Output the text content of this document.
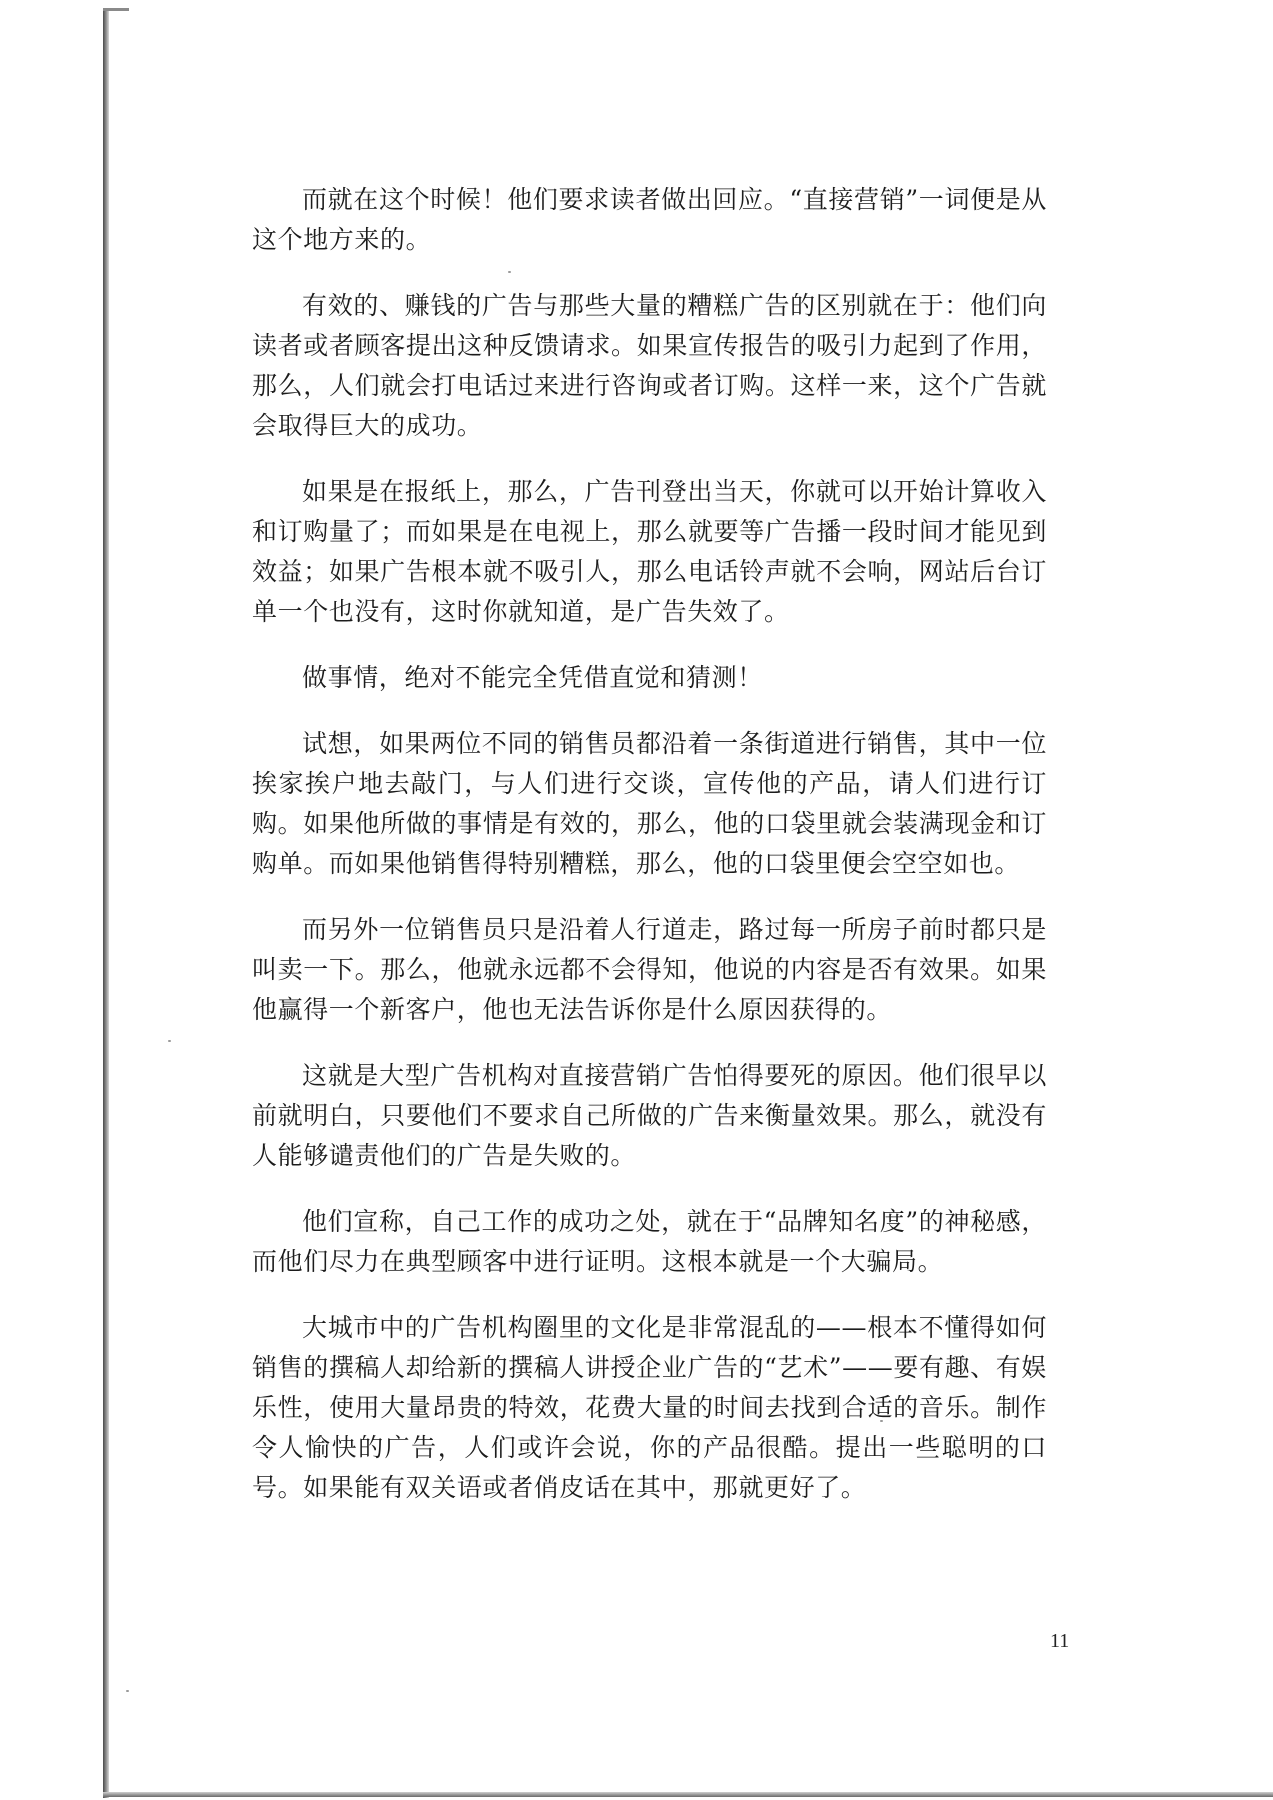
而就在这个时候！他们要求读者做出回应。“直接营销”一词便是从这个地方来的。

有效的、赚钱的广告与那些大量的糟糕广告的区别就在于：他们向读者或者顾客提出这种反馈请求。如果宣传报告的吸引力起到了作用，那么，人们就会打电话过来进行咨询或者订购。这样一来，这个广告就会取得巨大的成功。

如果是在报纸上，那么，广告刊登出当天，你就可以开始计算收入和订购量了；而如果是在电视上，那么就要等广告播一段时间才能见到效益；如果广告根本就不吸引人，那么电话铃声就不会响，网站后台订单一个也没有，这时你就知道，是广告失效了。

做事情，绝对不能完全凭借直觉和猜测！

试想，如果两位不同的销售员都沿着一条街道进行销售，其中一位挨家挨户地去敲门，与人们进行交谈，宣传他的产品，请人们进行订购。如果他所做的事情是有效的，那么，他的口袋里就会装满现金和订购单。而如果他销售得特别糟糕，那么，他的口袋里便会空空如也。

而另外一位销售员只是沿着人行道走，路过每一所房子前时都只是叫卖一下。那么，他就永远都不会得知，他说的内容是否有效果。如果他赢得一个新客户，他也无法告诉你是什么原因获得的。

这就是大型广告机构对直接营销广告怕得要死的原因。他们很早以前就明白，只要他们不要求自己所做的广告来衡量效果。那么，就没有人能够谴责他们的广告是失败的。

他们宣称，自己工作的成功之处，就在于“品牌知名度”的神秘感，而他们尽力在典型顾客中进行证明。这根本就是一个大骗局。

大城市中的广告机构圈里的文化是非常混乱的——根本不懂得如何销售的撰稿人却给新的撰稿人讲授企业广告的“艺术”——要有趣、有娱乐性，使用大量昂贵的特效，花费大量的时间去找到合适的音乐。制作令人愉快的广告，人们或许会说，你的产品很酷。提出一些聪明的口号。如果能有双关语或者俏皮话在其中，那就更好了。

11
